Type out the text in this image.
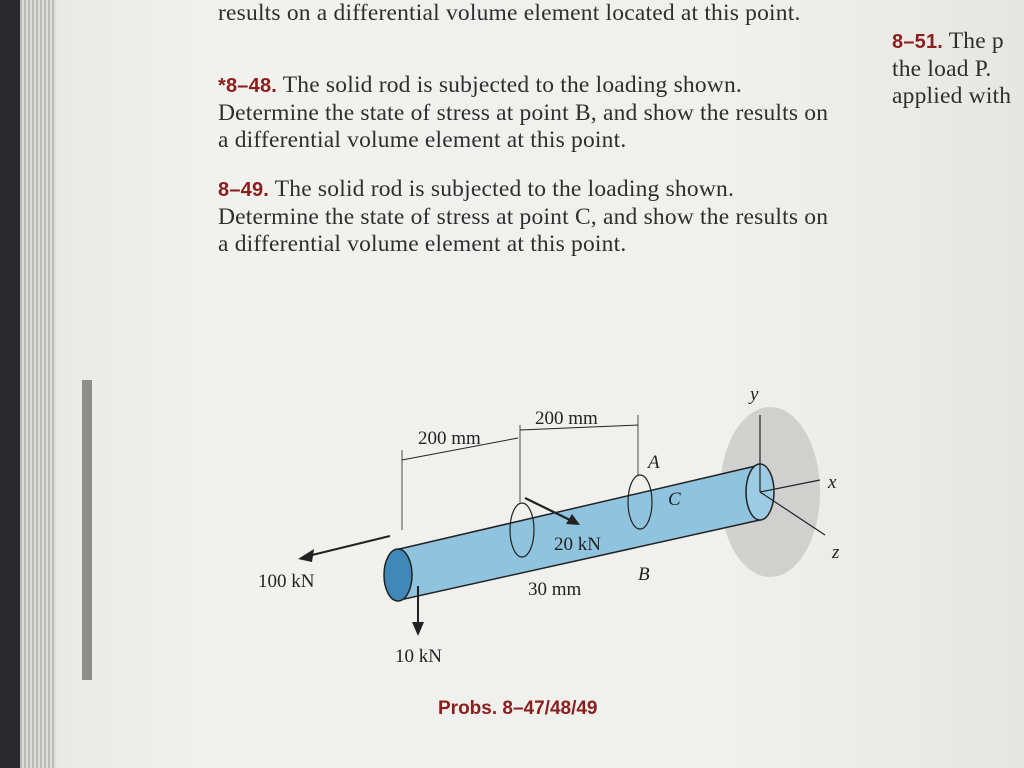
results on a differential volume element located at this point.
*8–48. The solid rod is subjected to the loading shown. Determine the state of stress at point B, and show the results on a differential volume element at this point.
8–49. The solid rod is subjected to the loading shown. Determine the state of stress at point C, and show the results on a differential volume element at this point.
8–51. The p
the load P.
applied with
y
x
z
200 mm
200 mm
100 kN
10 kN
20 kN
30 mm
A
B
C
Probs. 8–47/48/49
